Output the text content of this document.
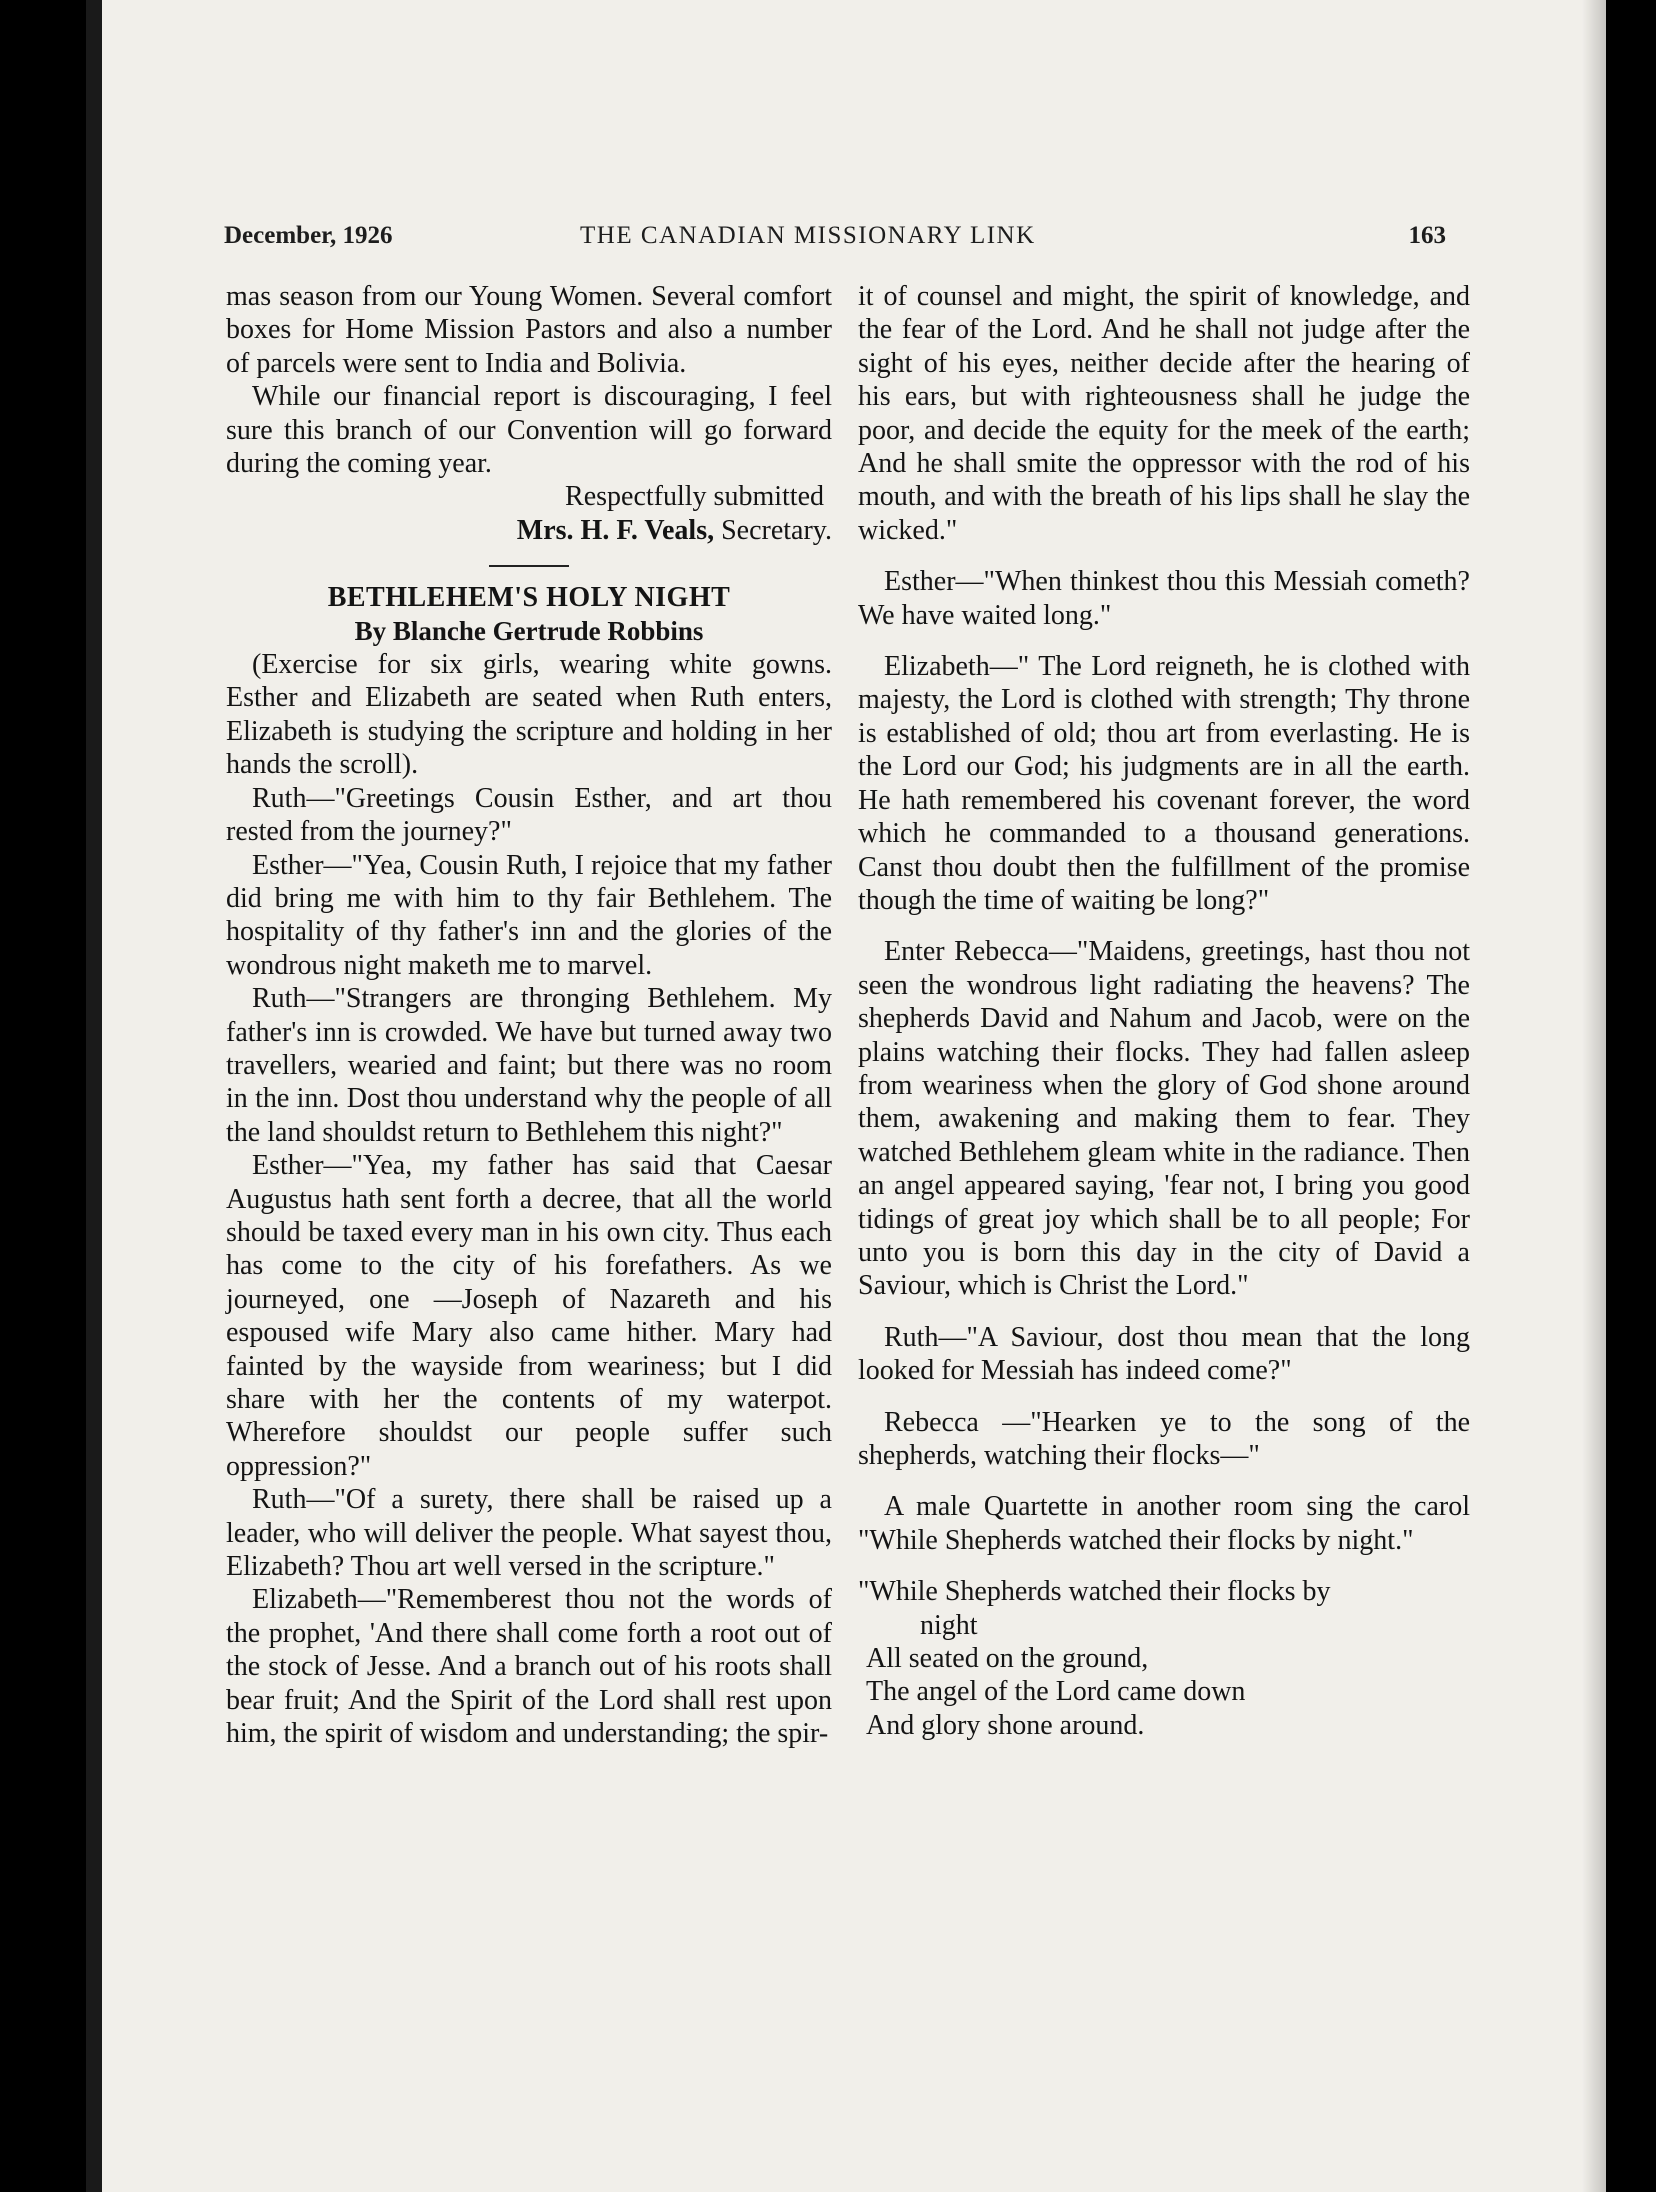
December, 1926	THE CANADIAN MISSIONARY LINK	163

mas season from our Young Women. Several comfort boxes for Home Mission Pastors and also a number of parcels were sent to India and Bolivia.

While our financial report is discouraging, I feel sure this branch of our Convention will go forward during the coming year.

Respectfully submitted

Mrs. H. F. Veals, Secretary.

BETHLEHEM'S HOLY NIGHT

By Blanche Gertrude Robbins

(Exercise for six girls, wearing white gowns. Esther and Elizabeth are seated when Ruth enters, Elizabeth is studying the scripture and holding in her hands the scroll).

Ruth—"Greetings Cousin Esther, and art thou rested from the journey?"

Esther—"Yea, Cousin Ruth, I rejoice that my father did bring me with him to thy fair Bethlehem. The hospitality of thy father's inn and the glories of the wondrous night maketh me to marvel.

Ruth—"Strangers are thronging Bethlehem. My father's inn is crowded. We have but turned away two travellers, wearied and faint; but there was no room in the inn. Dost thou understand why the people of all the land shouldst return to Bethlehem this night?"

Esther—"Yea, my father has said that Caesar Augustus hath sent forth a decree, that all the world should be taxed every man in his own city. Thus each has come to the city of his forefathers. As we journeyed, one —Joseph of Nazareth and his espoused wife Mary also came hither. Mary had fainted by the wayside from weariness; but I did share with her the contents of my waterpot. Wherefore shouldst our people suffer such oppression?"

Ruth—"Of a surety, there shall be raised up a leader, who will deliver the people. What sayest thou, Elizabeth? Thou art well versed in the scripture."

Elizabeth—"Rememberest thou not the words of the prophet, 'And there shall come forth a root out of the stock of Jesse. And a branch out of his roots shall bear fruit; And the Spirit of the Lord shall rest upon him, the spirit of wisdom and understanding; the spir-

it of counsel and might, the spirit of knowledge, and the fear of the Lord. And he shall not judge after the sight of his eyes, neither decide after the hearing of his ears, but with righteousness shall he judge the poor, and decide the equity for the meek of the earth; And he shall smite the oppressor with the rod of his mouth, and with the breath of his lips shall he slay the wicked."

Esther—"When thinkest thou this Messiah cometh? We have waited long."

Elizabeth—" The Lord reigneth, he is clothed with majesty, the Lord is clothed with strength; Thy throne is established of old; thou art from everlasting. He is the Lord our God; his judgments are in all the earth. He hath remembered his covenant forever, the word which he commanded to a thousand generations. Canst thou doubt then the fulfillment of the promise though the time of waiting be long?"

Enter Rebecca—"Maidens, greetings, hast thou not seen the wondrous light radiating the heavens? The shepherds David and Nahum and Jacob, were on the plains watching their flocks. They had fallen asleep from weariness when the glory of God shone around them, awakening and making them to fear. They watched Bethlehem gleam white in the radiance. Then an angel appeared saying, 'fear not, I bring you good tidings of great joy which shall be to all people; For unto you is born this day in the city of David a Saviour, which is Christ the Lord."

Ruth—"A Saviour, dost thou mean that the long looked for Messiah has indeed come?"

Rebecca —"Hearken ye to the song of the shepherds, watching their flocks—"

A male Quartette in another room sing the carol "While Shepherds watched their flocks by night."

"While Shepherds watched their flocks by

night

All seated on the ground,

The angel of the Lord came down

And glory shone around.
